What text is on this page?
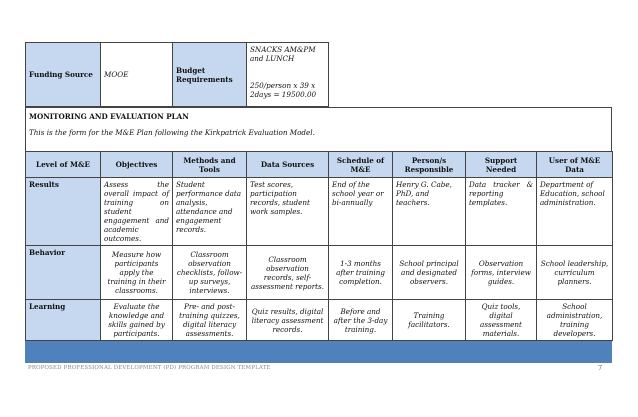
Funding Source	MOOE	Budget Requirements	SNACKS AM&PM
and LUNCH

250/person x 39 x
2days = 19500.00
MONITORING AND EVALUATION PLAN
This is the form for the M&E Plan following the Kirkpatrick Evaluation Model.
Level of M&E	Objectives	Methods and Tools	Data Sources	Schedule of M&E	Person/s Responsible	Support Needed	User of M&E Data
Results	Assess the overall impact of training on student engagement and academic outcomes.	Student performance data analysis, attendance and engagement records.	Test scores, participation records, student work samples.	End of the school year or bi-annually	Henry G. Cabe, PhD, and teachers.	Data tracker & reporting templates.	Department of Education, school administration.
Behavior	Measure how participants apply the training in their classrooms.	Classroom observation checklists, follow-up surveys, interviews.	Classroom observation records, self-assessment reports.	1-3 months after training completion.	School principal and designated observers.	Observation forms, interview guides.	School leadership, curriculum planners.
Learning	Evaluate the knowledge and skills gained by participants.	Pre- and post-training quizzes, digital literacy assessments.	Quiz results, digital literacy assessment records.	Before and after the 3-day training.	Training facilitators.	Quiz tools, digital assessment materials.	School administration, training developers.
PROPOSED PROFESSIONAL DEVELOPMENT (PD) PROGRAM DESIGN TEMPLATE	7
